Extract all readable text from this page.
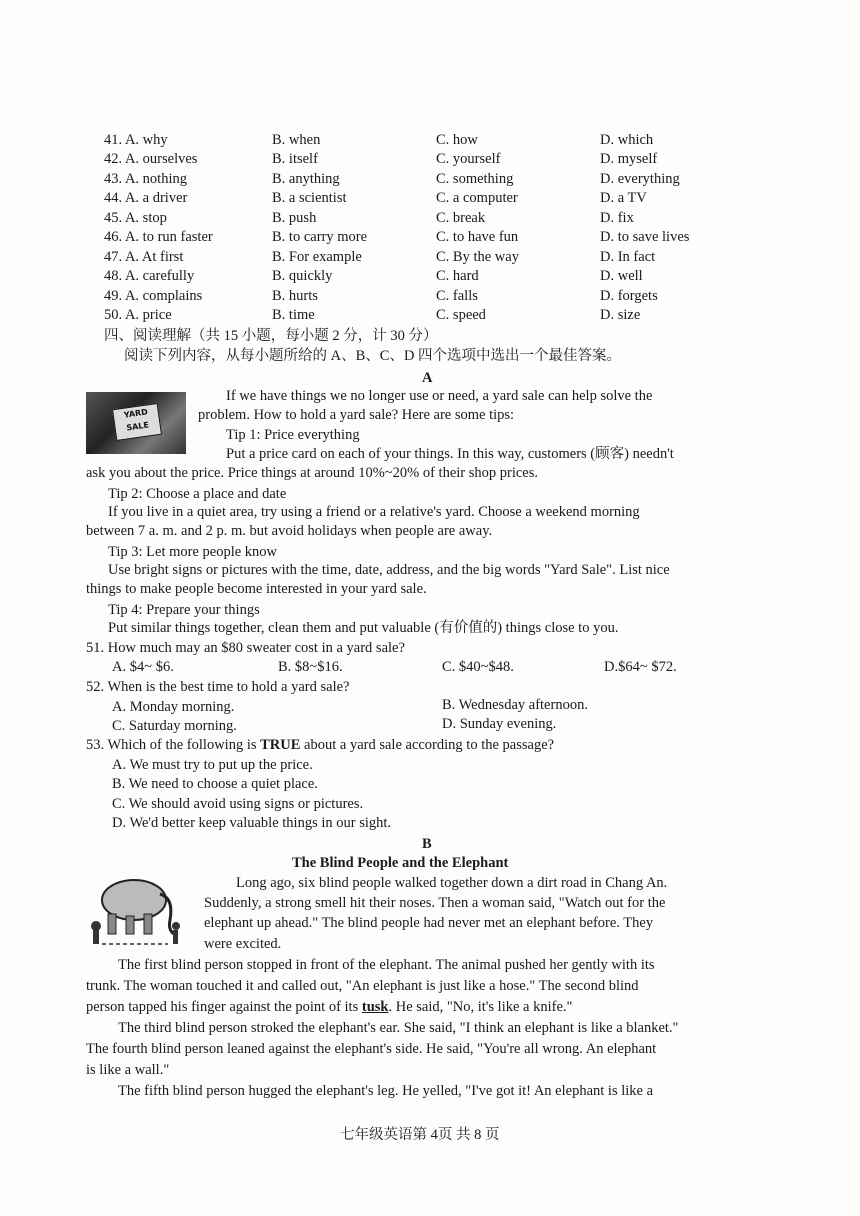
41. A. why	B. when	C. how	D. which
42. A. ourselves	B. itself	C. yourself	D. myself
43. A. nothing	B. anything	C. something	D. everything
44. A. a driver	B. a scientist	C. a computer	D. a TV
45. A. stop	B. push	C. break	D. fix
46. A. to run faster	B. to carry more	C. to have fun	D. to save lives
47. A. At first	B. For example	C. By the way	D. In fact
48. A. carefully	B. quickly	C. hard	D. well
49. A. complains	B. hurts	C. falls	D. forgets
50. A. price	B. time	C. speed	D. size
四、阅读理解（共 15 小题，每小题 2 分，计 30 分）
阅读下列内容，从每小题所给的 A、B、C、D 四个选项中选出一个最佳答案。
A
YARD SALE
If we have things we no longer use or need, a yard sale can help solve the
problem. How to hold a yard sale? Here are some tips:
Tip 1: Price everything
Put a price card on each of your things. In this way, customers (顾客) needn't
ask you about the price. Price things at around 10%~20% of their shop prices.
Tip 2: Choose a place and date
If you live in a quiet area, try using a friend or a relative's yard. Choose a weekend morning
between 7 a. m. and 2 p. m. but avoid holidays when people are away.
Tip 3: Let more people know
Use bright signs or pictures with the time, date, address, and the big words "Yard Sale". List nice
things to make people become interested in your yard sale.
Tip 4: Prepare your things
Put similar things together, clean them and put valuable (有价值的) things close to you.
51. How much may an $80 sweater cost in a yard sale?
A. $4~ $6.	B. $8~$16.	C. $40~$48.	D.$64~ $72.
52. When is the best time to hold a yard sale?
A. Monday morning.	B. Wednesday afternoon.
C. Saturday morning.	D. Sunday evening.
53. Which of the following is TRUE about a yard sale according to the passage?
A. We must try to put up the price.
B. We need to choose a quiet place.
C. We should avoid using signs or pictures.
D. We'd better keep valuable things in our sight.
B
The Blind People and the Elephant
Long ago, six blind people walked together down a dirt road in Chang An.
Suddenly, a strong smell hit their noses. Then a woman said, "Watch out for the
elephant up ahead." The blind people had never met an elephant before. They
were excited.
The first blind person stopped in front of the elephant. The animal pushed her gently with its
trunk. The woman touched it and called out, "An elephant is just like a hose." The second blind
person tapped his finger against the point of its tusk. He said, "No, it's like a knife."
The third blind person stroked the elephant's ear. She said, "I think an elephant is like a blanket."
The fourth blind person leaned against the elephant's side. He said, "You're all wrong. An elephant
is like a wall."
The fifth blind person hugged the elephant's leg. He yelled, "I've got it! An elephant is like a
七年级英语第 4页 共 8 页
